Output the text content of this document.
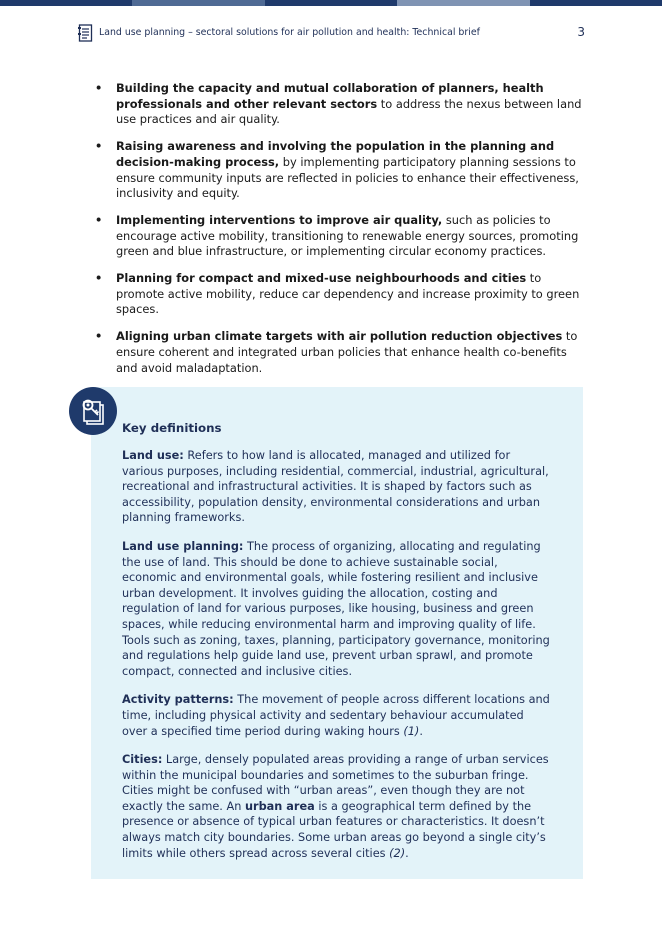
Land use planning – sectoral solutions for air pollution and health: Technical brief	3
• Building the capacity and mutual collaboration of planners, health professionals and other relevant sectors to address the nexus between land use practices and air quality.
• Raising awareness and involving the population in the planning and decision-making process, by implementing participatory planning sessions to ensure community inputs are reflected in policies to enhance their effectiveness, inclusivity and equity.
• Implementing interventions to improve air quality, such as policies to encourage active mobility, transitioning to renewable energy sources, promoting green and blue infrastructure, or implementing circular economy practices.
• Planning for compact and mixed-use neighbourhoods and cities to promote active mobility, reduce car dependency and increase proximity to green spaces.
• Aligning urban climate targets with air pollution reduction objectives to ensure coherent and integrated urban policies that enhance health co-benefits and avoid maladaptation.

Key definitions

Land use: Refers to how land is allocated, managed and utilized for various purposes, including residential, commercial, industrial, agricultural, recreational and infrastructural activities. It is shaped by factors such as accessibility, population density, environmental considerations and urban planning frameworks.

Land use planning: The process of organizing, allocating and regulating the use of land. This should be done to achieve sustainable social, economic and environmental goals, while fostering resilient and inclusive urban development. It involves guiding the allocation, costing and regulation of land for various purposes, like housing, business and green spaces, while reducing environmental harm and improving quality of life. Tools such as zoning, taxes, planning, participatory governance, monitoring and regulations help guide land use, prevent urban sprawl, and promote compact, connected and inclusive cities.

Activity patterns: The movement of people across different locations and time, including physical activity and sedentary behaviour accumulated over a specified time period during waking hours (1).

Cities: Large, densely populated areas providing a range of urban services within the municipal boundaries and sometimes to the suburban fringe. Cities might be confused with “urban areas”, even though they are not exactly the same. An urban area is a geographical term defined by the presence or absence of typical urban features or characteristics. It doesn’t always match city boundaries. Some urban areas go beyond a single city’s limits while others spread across several cities (2).
